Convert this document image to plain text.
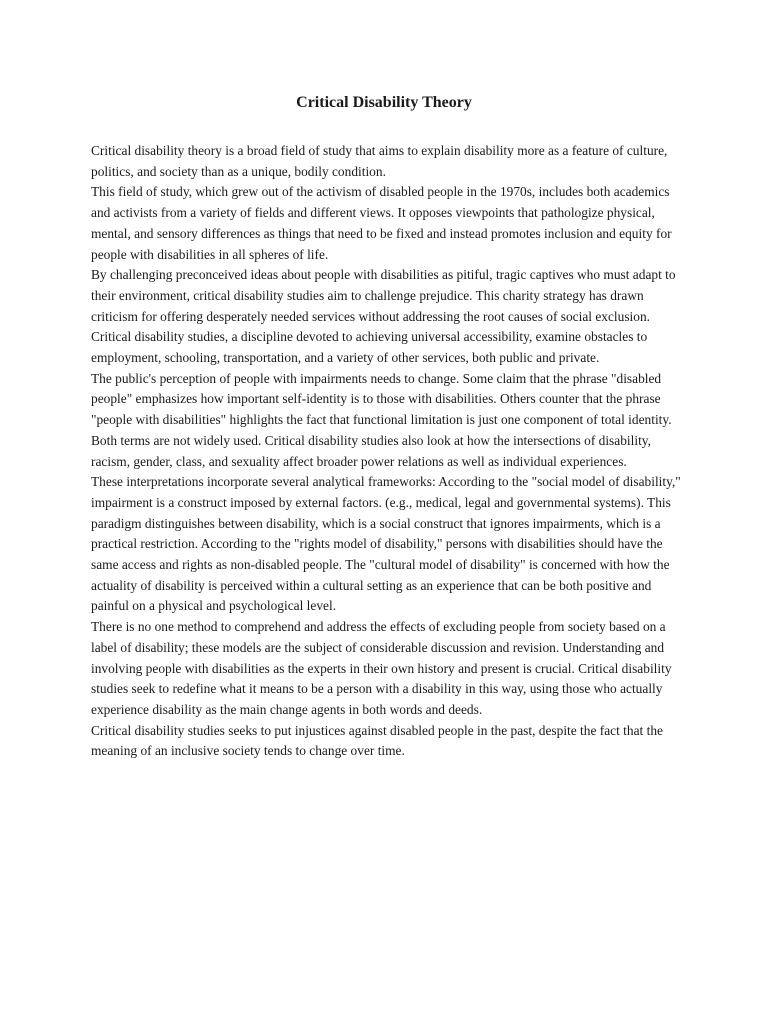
Critical Disability Theory

Critical disability theory is a broad field of study that aims to explain disability more as a feature of culture, politics, and society than as a unique, bodily condition.

This field of study, which grew out of the activism of disabled people in the 1970s, includes both academics and activists from a variety of fields and different views. It opposes viewpoints that pathologize physical, mental, and sensory differences as things that need to be fixed and instead promotes inclusion and equity for people with disabilities in all spheres of life.

By challenging preconceived ideas about people with disabilities as pitiful, tragic captives who must adapt to their environment, critical disability studies aim to challenge prejudice. This charity strategy has drawn criticism for offering desperately needed services without addressing the root causes of social exclusion. Critical disability studies, a discipline devoted to achieving universal accessibility, examine obstacles to employment, schooling, transportation, and a variety of other services, both public and private.

The public's perception of people with impairments needs to change. Some claim that the phrase "disabled people" emphasizes how important self-identity is to those with disabilities. Others counter that the phrase "people with disabilities" highlights the fact that functional limitation is just one component of total identity. Both terms are not widely used. Critical disability studies also look at how the intersections of disability, racism, gender, class, and sexuality affect broader power relations as well as individual experiences.

These interpretations incorporate several analytical frameworks: According to the "social model of disability," impairment is a construct imposed by external factors. (e.g., medical, legal and governmental systems). This paradigm distinguishes between disability, which is a social construct that ignores impairments, which is a practical restriction. According to the "rights model of disability," persons with disabilities should have the same access and rights as non-disabled people. The "cultural model of disability" is concerned with how the actuality of disability is perceived within a cultural setting as an experience that can be both positive and painful on a physical and psychological level.

There is no one method to comprehend and address the effects of excluding people from society based on a label of disability; these models are the subject of considerable discussion and revision. Understanding and involving people with disabilities as the experts in their own history and present is crucial. Critical disability studies seek to redefine what it means to be a person with a disability in this way, using those who actually experience disability as the main change agents in both words and deeds.

Critical disability studies seeks to put injustices against disabled people in the past, despite the fact that the meaning of an inclusive society tends to change over time.
